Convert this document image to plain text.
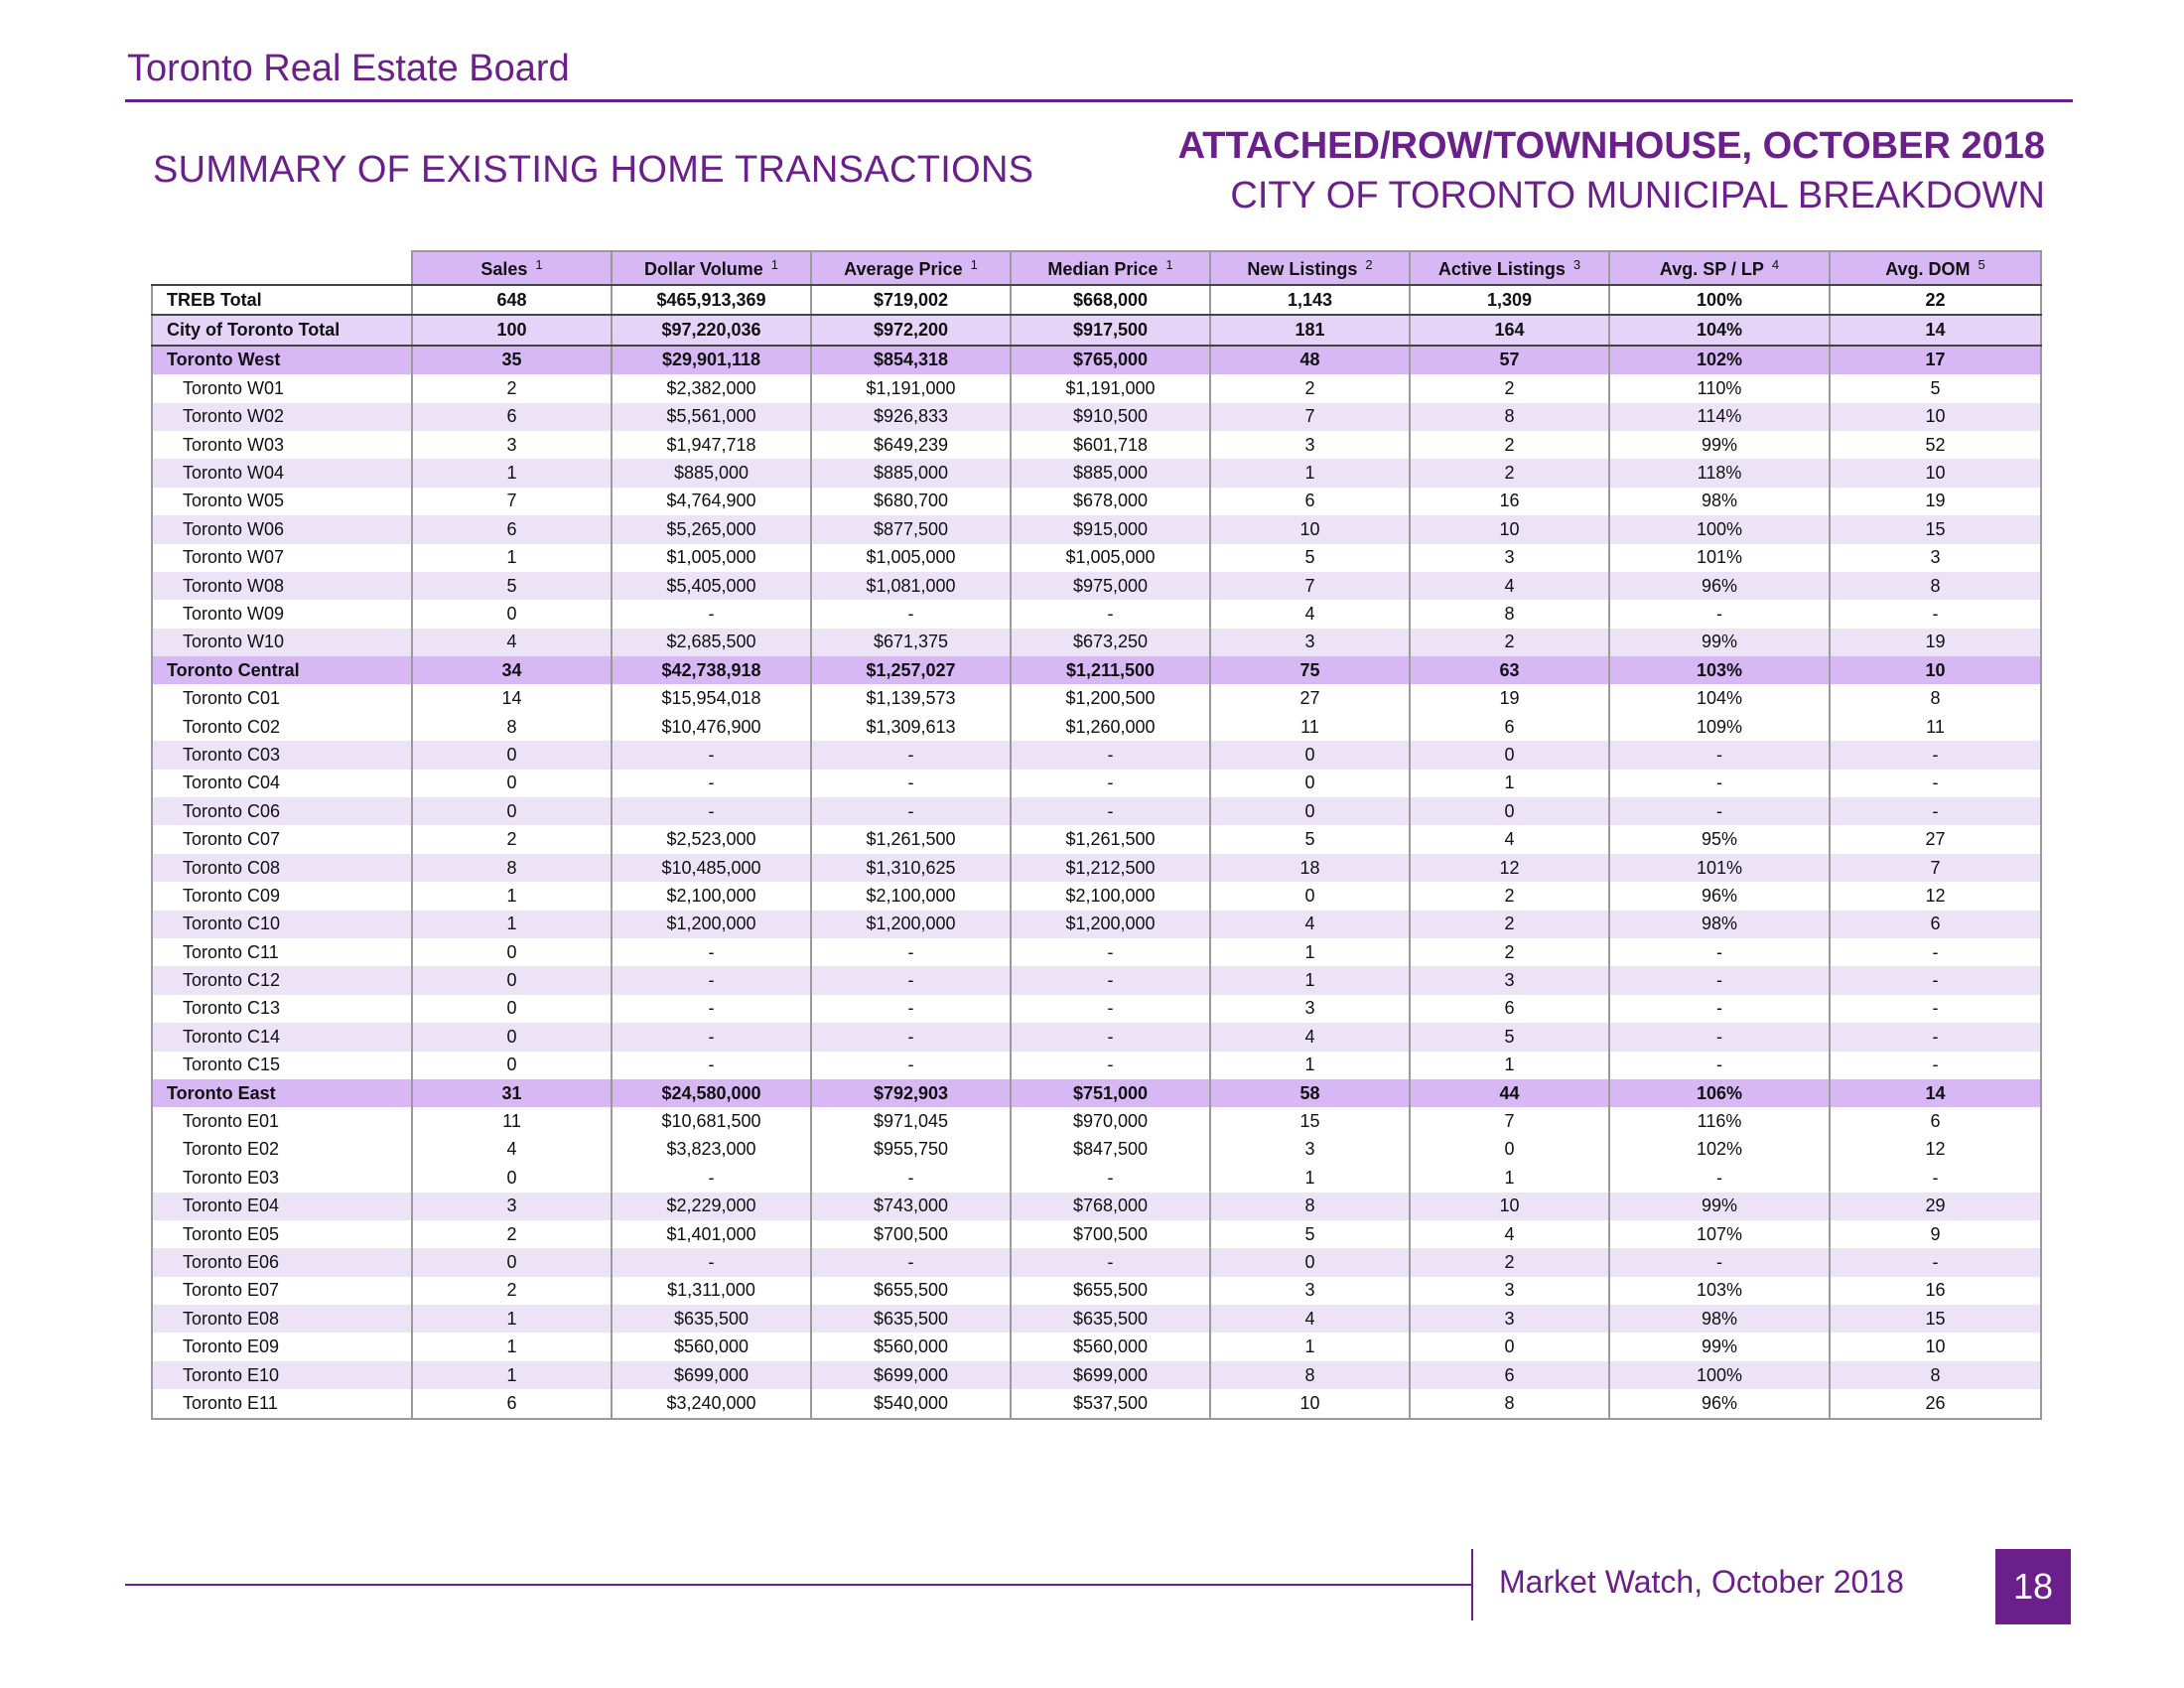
Toronto Real Estate Board
SUMMARY OF EXISTING HOME TRANSACTIONS
ATTACHED/ROW/TOWNHOUSE, OCTOBER 2018
CITY OF TORONTO MUNICIPAL BREAKDOWN
	Sales $^1$	Dollar Volume $^1$	Average Price $^1$	Median Price $^1$	New Listings $^2$	Active Listings $^3$	Avg. SP / LP $^4$	Avg. DOM $^5$
TREB Total	648	$465,913,369	$719,002	$668,000	1,143	1,309	100%	22
City of Toronto Total	100	$97,220,036	$972,200	$917,500	181	164	104%	14
Toronto West	35	$29,901,118	$854,318	$765,000	48	57	102%	17
Toronto W01	2	$2,382,000	$1,191,000	$1,191,000	2	2	110%	5
Toronto W02	6	$5,561,000	$926,833	$910,500	7	8	114%	10
Toronto W03	3	$1,947,718	$649,239	$601,718	3	2	99%	52
Toronto W04	1	$885,000	$885,000	$885,000	1	2	118%	10
Toronto W05	7	$4,764,900	$680,700	$678,000	6	16	98%	19
Toronto W06	6	$5,265,000	$877,500	$915,000	10	10	100%	15
Toronto W07	1	$1,005,000	$1,005,000	$1,005,000	5	3	101%	3
Toronto W08	5	$5,405,000	$1,081,000	$975,000	7	4	96%	8
Toronto W09	0	-	-	-	4	8	-	-
Toronto W10	4	$2,685,500	$671,375	$673,250	3	2	99%	19
Toronto Central	34	$42,738,918	$1,257,027	$1,211,500	75	63	103%	10
Toronto C01	14	$15,954,018	$1,139,573	$1,200,500	27	19	104%	8
Toronto C02	8	$10,476,900	$1,309,613	$1,260,000	11	6	109%	11
Toronto C03	0	-	-	-	0	0	-	-
Toronto C04	0	-	-	-	0	1	-	-
Toronto C06	0	-	-	-	0	0	-	-
Toronto C07	2	$2,523,000	$1,261,500	$1,261,500	5	4	95%	27
Toronto C08	8	$10,485,000	$1,310,625	$1,212,500	18	12	101%	7
Toronto C09	1	$2,100,000	$2,100,000	$2,100,000	0	2	96%	12
Toronto C10	1	$1,200,000	$1,200,000	$1,200,000	4	2	98%	6
Toronto C11	0	-	-	-	1	2	-	-
Toronto C12	0	-	-	-	1	3	-	-
Toronto C13	0	-	-	-	3	6	-	-
Toronto C14	0	-	-	-	4	5	-	-
Toronto C15	0	-	-	-	1	1	-	-
Toronto East	31	$24,580,000	$792,903	$751,000	58	44	106%	14
Toronto E01	11	$10,681,500	$971,045	$970,000	15	7	116%	6
Toronto E02	4	$3,823,000	$955,750	$847,500	3	0	102%	12
Toronto E03	0	-	-	-	1	1	-	-
Toronto E04	3	$2,229,000	$743,000	$768,000	8	10	99%	29
Toronto E05	2	$1,401,000	$700,500	$700,500	5	4	107%	9
Toronto E06	0	-	-	-	0	2	-	-
Toronto E07	2	$1,311,000	$655,500	$655,500	3	3	103%	16
Toronto E08	1	$635,500	$635,500	$635,500	4	3	98%	15
Toronto E09	1	$560,000	$560,000	$560,000	1	0	99%	10
Toronto E10	1	$699,000	$699,000	$699,000	8	6	100%	8
Toronto E11	6	$3,240,000	$540,000	$537,500	10	8	96%	26
Market Watch, October 2018	18
